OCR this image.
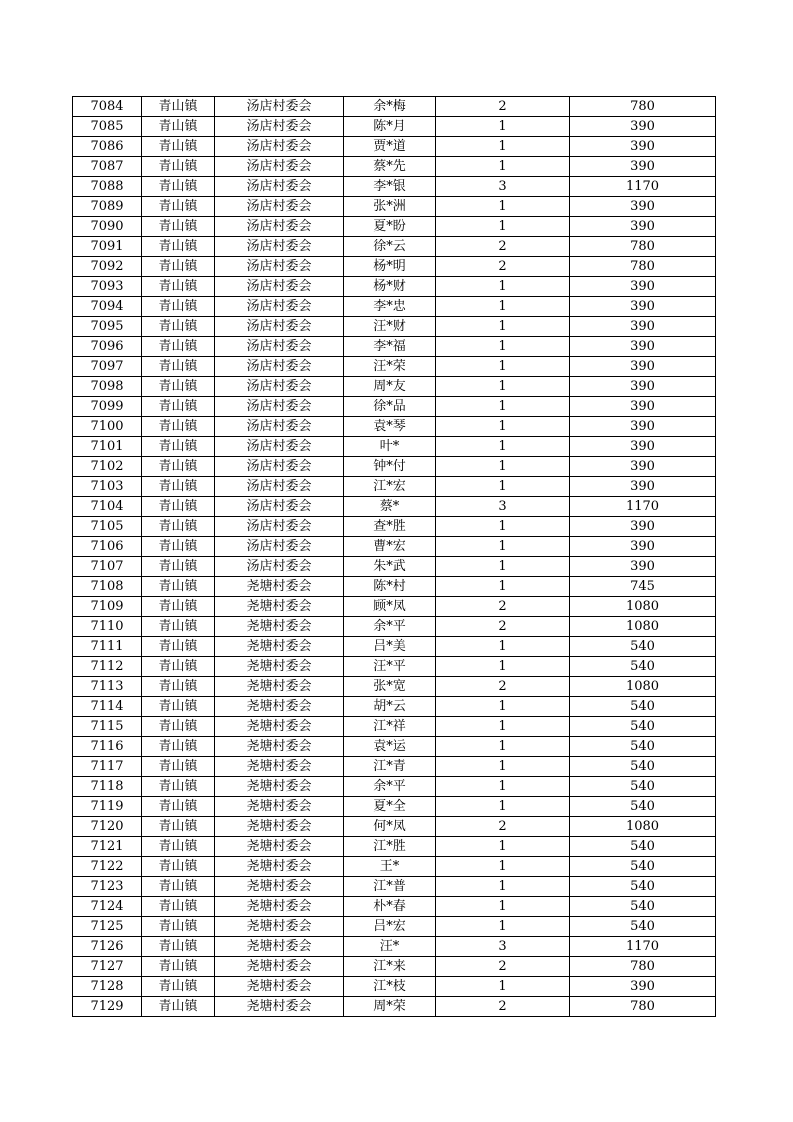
7084	青山镇	汤店村委会	余*梅	2	780
7085	青山镇	汤店村委会	陈*月	1	390
7086	青山镇	汤店村委会	贾*道	1	390
7087	青山镇	汤店村委会	蔡*先	1	390
7088	青山镇	汤店村委会	李*银	3	1170
7089	青山镇	汤店村委会	张*洲	1	390
7090	青山镇	汤店村委会	夏*盼	1	390
7091	青山镇	汤店村委会	徐*云	2	780
7092	青山镇	汤店村委会	杨*明	2	780
7093	青山镇	汤店村委会	杨*财	1	390
7094	青山镇	汤店村委会	李*忠	1	390
7095	青山镇	汤店村委会	汪*财	1	390
7096	青山镇	汤店村委会	李*福	1	390
7097	青山镇	汤店村委会	汪*荣	1	390
7098	青山镇	汤店村委会	周*友	1	390
7099	青山镇	汤店村委会	徐*品	1	390
7100	青山镇	汤店村委会	袁*琴	1	390
7101	青山镇	汤店村委会	叶*	1	390
7102	青山镇	汤店村委会	钟*付	1	390
7103	青山镇	汤店村委会	江*宏	1	390
7104	青山镇	汤店村委会	蔡*	3	1170
7105	青山镇	汤店村委会	查*胜	1	390
7106	青山镇	汤店村委会	曹*宏	1	390
7107	青山镇	汤店村委会	朱*武	1	390
7108	青山镇	尧塘村委会	陈*村	1	745
7109	青山镇	尧塘村委会	顾*凤	2	1080
7110	青山镇	尧塘村委会	余*平	2	1080
7111	青山镇	尧塘村委会	吕*美	1	540
7112	青山镇	尧塘村委会	汪*平	1	540
7113	青山镇	尧塘村委会	张*宽	2	1080
7114	青山镇	尧塘村委会	胡*云	1	540
7115	青山镇	尧塘村委会	江*祥	1	540
7116	青山镇	尧塘村委会	袁*运	1	540
7117	青山镇	尧塘村委会	江*青	1	540
7118	青山镇	尧塘村委会	余*平	1	540
7119	青山镇	尧塘村委会	夏*全	1	540
7120	青山镇	尧塘村委会	何*凤	2	1080
7121	青山镇	尧塘村委会	江*胜	1	540
7122	青山镇	尧塘村委会	王*	1	540
7123	青山镇	尧塘村委会	江*普	1	540
7124	青山镇	尧塘村委会	朴*春	1	540
7125	青山镇	尧塘村委会	吕*宏	1	540
7126	青山镇	尧塘村委会	汪*	3	1170
7127	青山镇	尧塘村委会	江*来	2	780
7128	青山镇	尧塘村委会	江*枝	1	390
7129	青山镇	尧塘村委会	周*荣	2	780
